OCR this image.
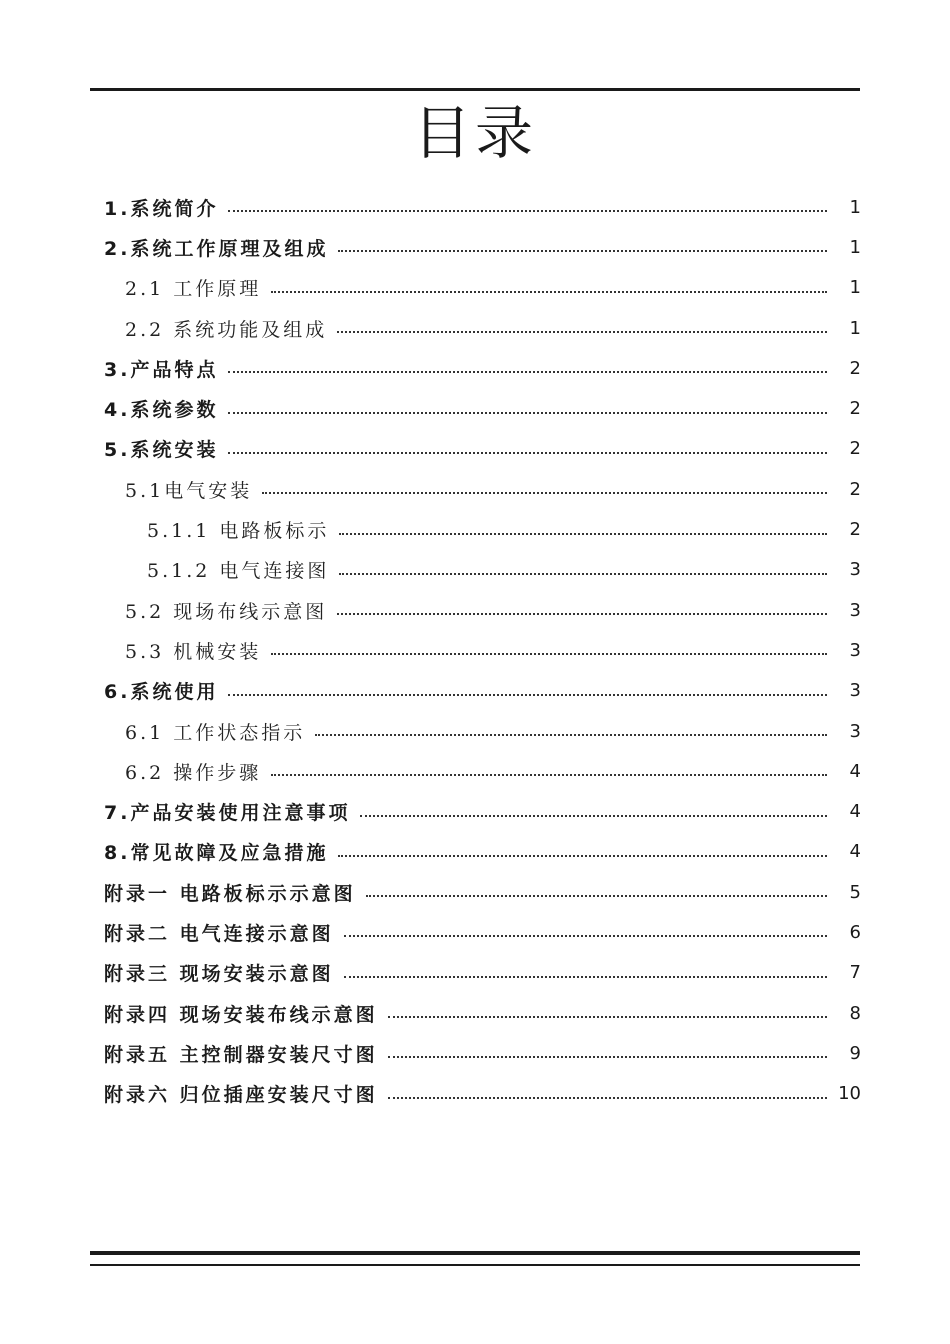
目录
1.系统简介	1
2.系统工作原理及组成	1
2.1 工作原理	1
2.2 系统功能及组成	1
3.产品特点	2
4.系统参数	2
5.系统安装	2
5.1电气安装	2
5.1.1 电路板标示	2
5.1.2 电气连接图	3
5.2 现场布线示意图	3
5.3 机械安装	3
6.系统使用	3
6.1 工作状态指示	3
6.2 操作步骤	4
7.产品安装使用注意事项	4
8.常见故障及应急措施	4
附录一 电路板标示示意图	5
附录二 电气连接示意图	6
附录三 现场安装示意图	7
附录四 现场安装布线示意图	8
附录五 主控制器安装尺寸图	9
附录六 归位插座安装尺寸图	10
